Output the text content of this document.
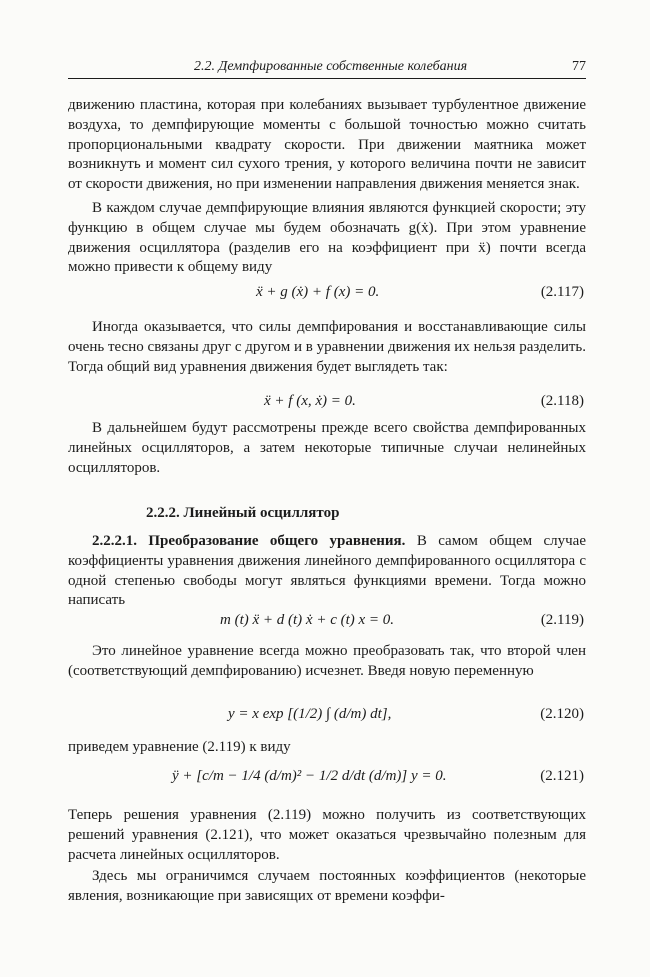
2.2. Демпфированные собственные колебания	77

движению пластина, которая при колебаниях вызывает турбулентное движение воздуха, то демпфирующие моменты с большой точностью можно считать пропорциональными квадрату скорости. При движении маятника может возникнуть и момент сил сухого трения, у которого величина почти не зависит от скорости движения, но при изменении направления движения меняется знак.

В каждом случае демпфирующие влияния являются функцией скорости; эту функцию в общем случае мы будем обозначать g(ẋ). При этом уравнение движения осциллятора (разделив его на коэффициент при ẍ) почти всегда можно привести к общему виду

ẍ + g (ẋ) + f (x) = 0.	(2.117)

Иногда оказывается, что силы демпфирования и восстанавливающие силы очень тесно связаны друг с другом и в уравнении движения их нельзя разделить. Тогда общий вид уравнения движения будет выглядеть так:

ẍ + f (x, ẋ) = 0.	(2.118)

В дальнейшем будут рассмотрены прежде всего свойства демпфированных линейных осцилляторов, а затем некоторые типичные случаи нелинейных осцилляторов.

2.2.2. Линейный осциллятор

2.2.2.1. Преобразование общего уравнения. В самом общем случае коэффициенты уравнения движения линейного демпфированного осциллятора с одной степенью свободы могут являться функциями времени. Тогда можно написать

m (t) ẍ + d (t) ẋ + c (t) x = 0.	(2.119)

Это линейное уравнение всегда можно преобразовать так, что второй член (соответствующий демпфированию) исчезнет. Введя новую переменную

y = x exp [(1/2) ∫ (d/m) dt],	(2.120)

приведем уравнение (2.119) к виду

ÿ + [c/m − 1/4 (d/m)² − 1/2 d/dt (d/m)] y = 0.	(2.121)

Теперь решения уравнения (2.119) можно получить из соответствующих решений уравнения (2.121), что может оказаться чрезвычайно полезным для расчета линейных осцилляторов.

Здесь мы ограничимся случаем постоянных коэффициентов (некоторые явления, возникающие при зависящих от времени коэффи-
